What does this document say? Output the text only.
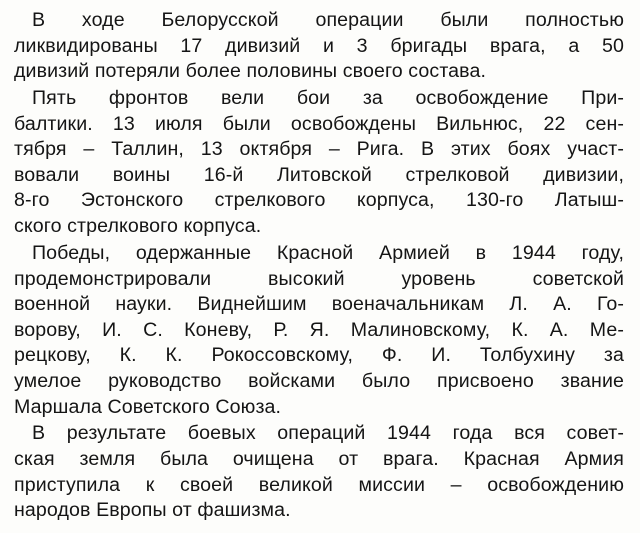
В ходе Белорусской операции были полностью
ликвидированы 17 дивизий и 3 бригады врага, а 50
дивизий потеряли более половины своего состава.
Пять фронтов вели бои за освобождение При-
балтики. 13 июля были освобождены Вильнюс, 22 сен-
тября – Таллин, 13 октября – Рига. В этих боях участ-
вовали воины 16-й Литовской стрелковой дивизии,
8-го Эстонского стрелкового корпуса, 130-го Латыш-
ского стрелкового корпуса.
Победы, одержанные Красной Армией в 1944 году,
продемонстрировали высокий уровень советской
военной науки. Виднейшим военачальникам Л. А. Го-
ворову, И. С. Коневу, Р. Я. Малиновскому, К. А. Ме-
рецкову, К. К. Рокоссовскому, Ф. И. Толбухину за
умелое руководство войсками было присвоено звание
Маршала Советского Союза.
В результате боевых операций 1944 года вся совет-
ская земля была очищена от врага. Красная Армия
приступила к своей великой миссии – освобождению
народов Европы от фашизма.
